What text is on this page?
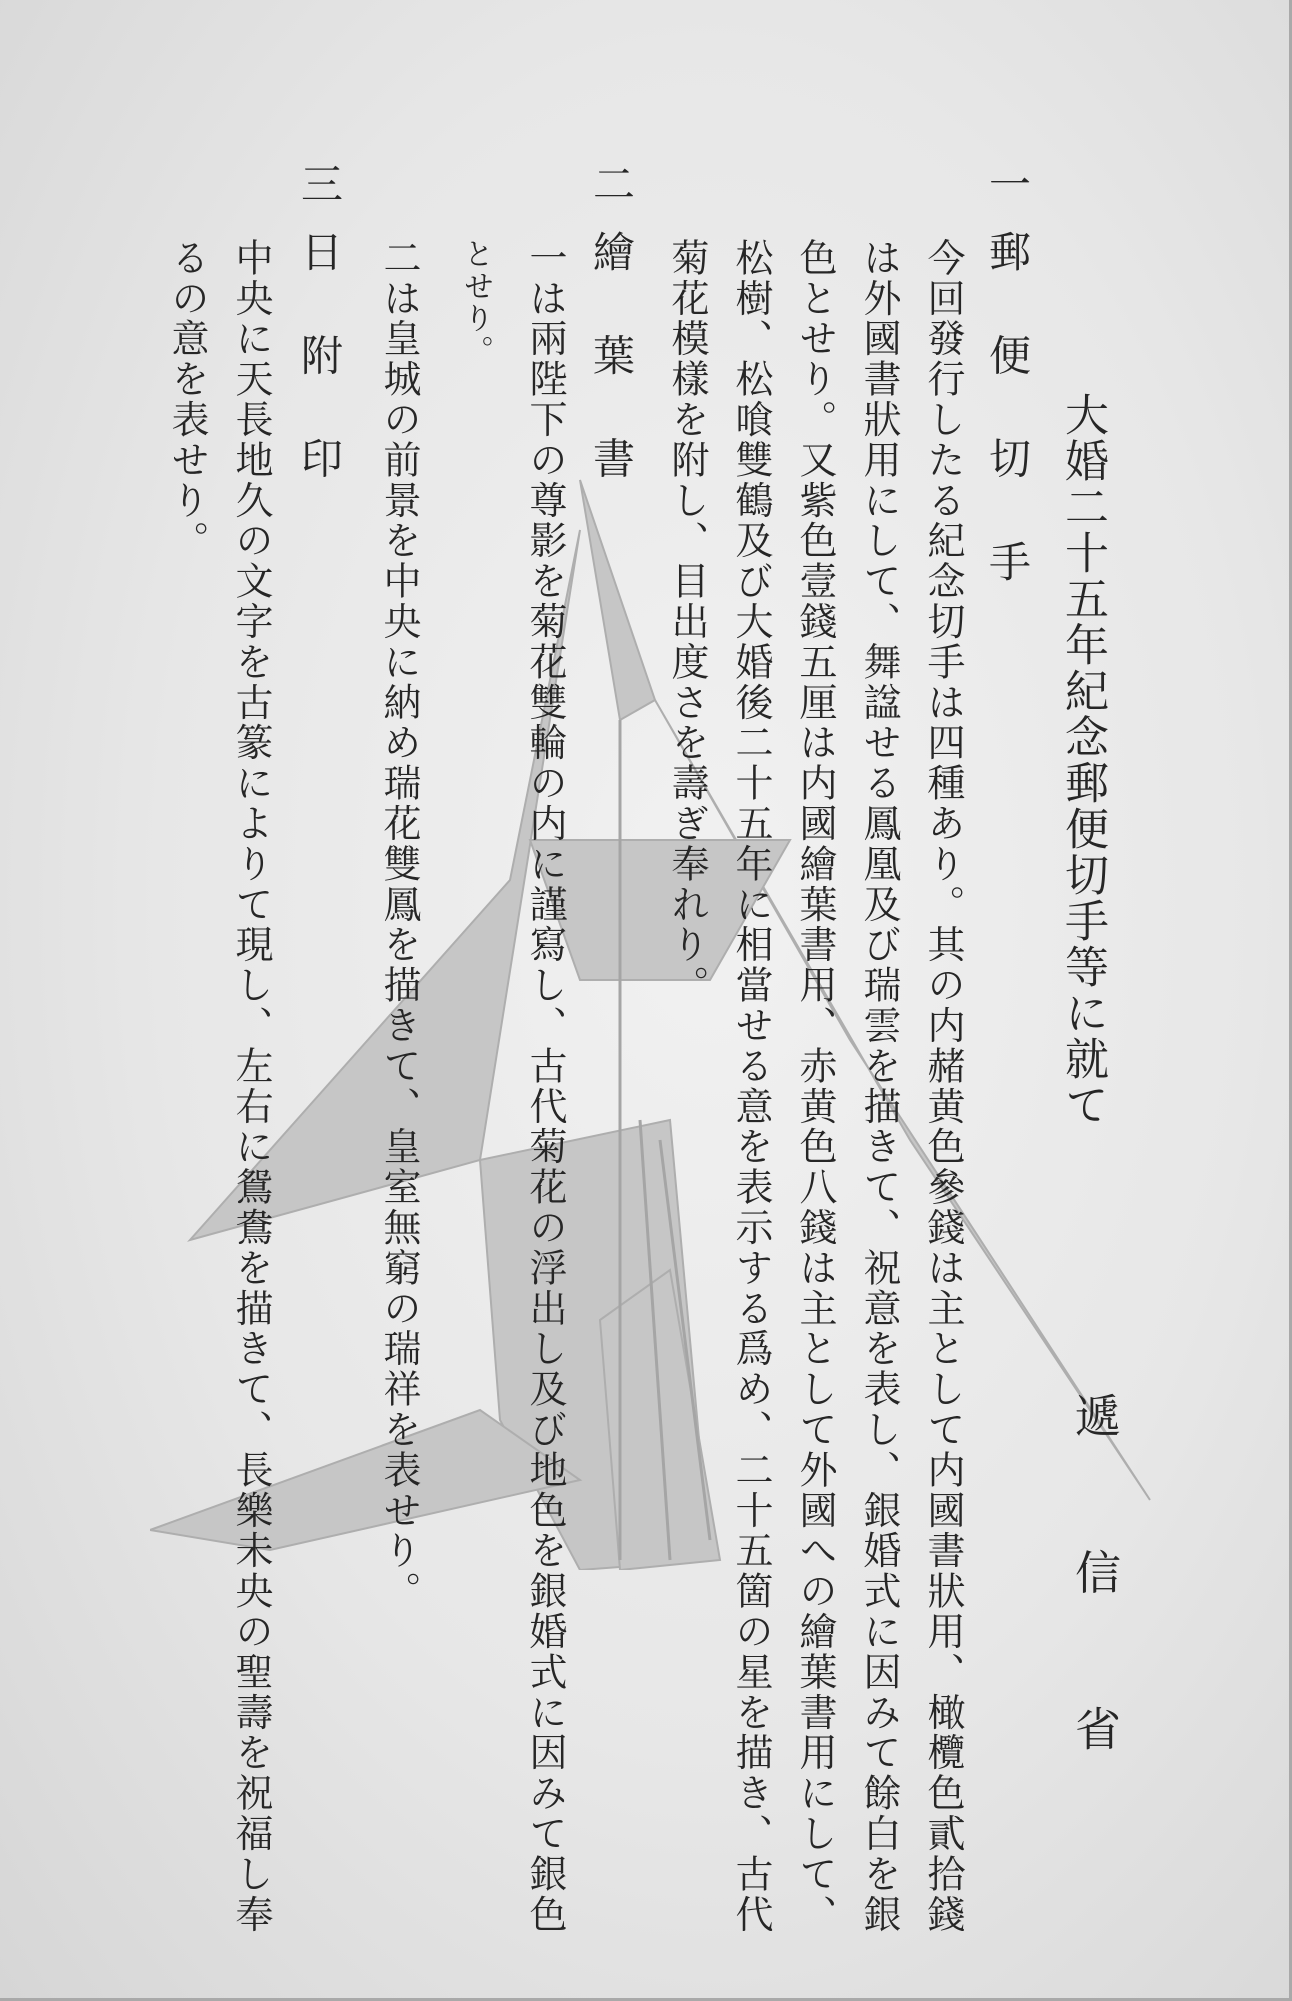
大婚二十五年紀念郵便切手等に就て
遞 信 省
一郵 便 切 手
今回發行したる紀念切手は四種あり。其の内赭黄色參錢は主として内國書狀用、橄欖色貳拾錢
は外國書狀用にして、舞諡せる鳳凰及び瑞雲を描きて、祝意を表し、銀婚式に因みて餘白を銀
色とせり。又紫色壹錢五厘は内國繪葉書用、赤黄色八錢は主として外國への繪葉書用にして、
松樹、松喰雙鶴及び大婚後二十五年に相當せる意を表示する爲め、二十五箇の星を描き、古代
菊花模樣を附し、目出度さを壽ぎ奉れり。
二繪 葉 書
一は兩陛下の尊影を菊花雙輪の内に謹寫し、古代菊花の浮出し及び地色を銀婚式に因みて銀色
とせり。
二は皇城の前景を中央に納め瑞花雙鳳を描きて、皇室無窮の瑞祥を表せり。
三日 附 印
中央に天長地久の文字を古篆によりて現し、左右に鴛鴦を描きて、長樂未央の聖壽を祝福し奉
るの意を表せり。
